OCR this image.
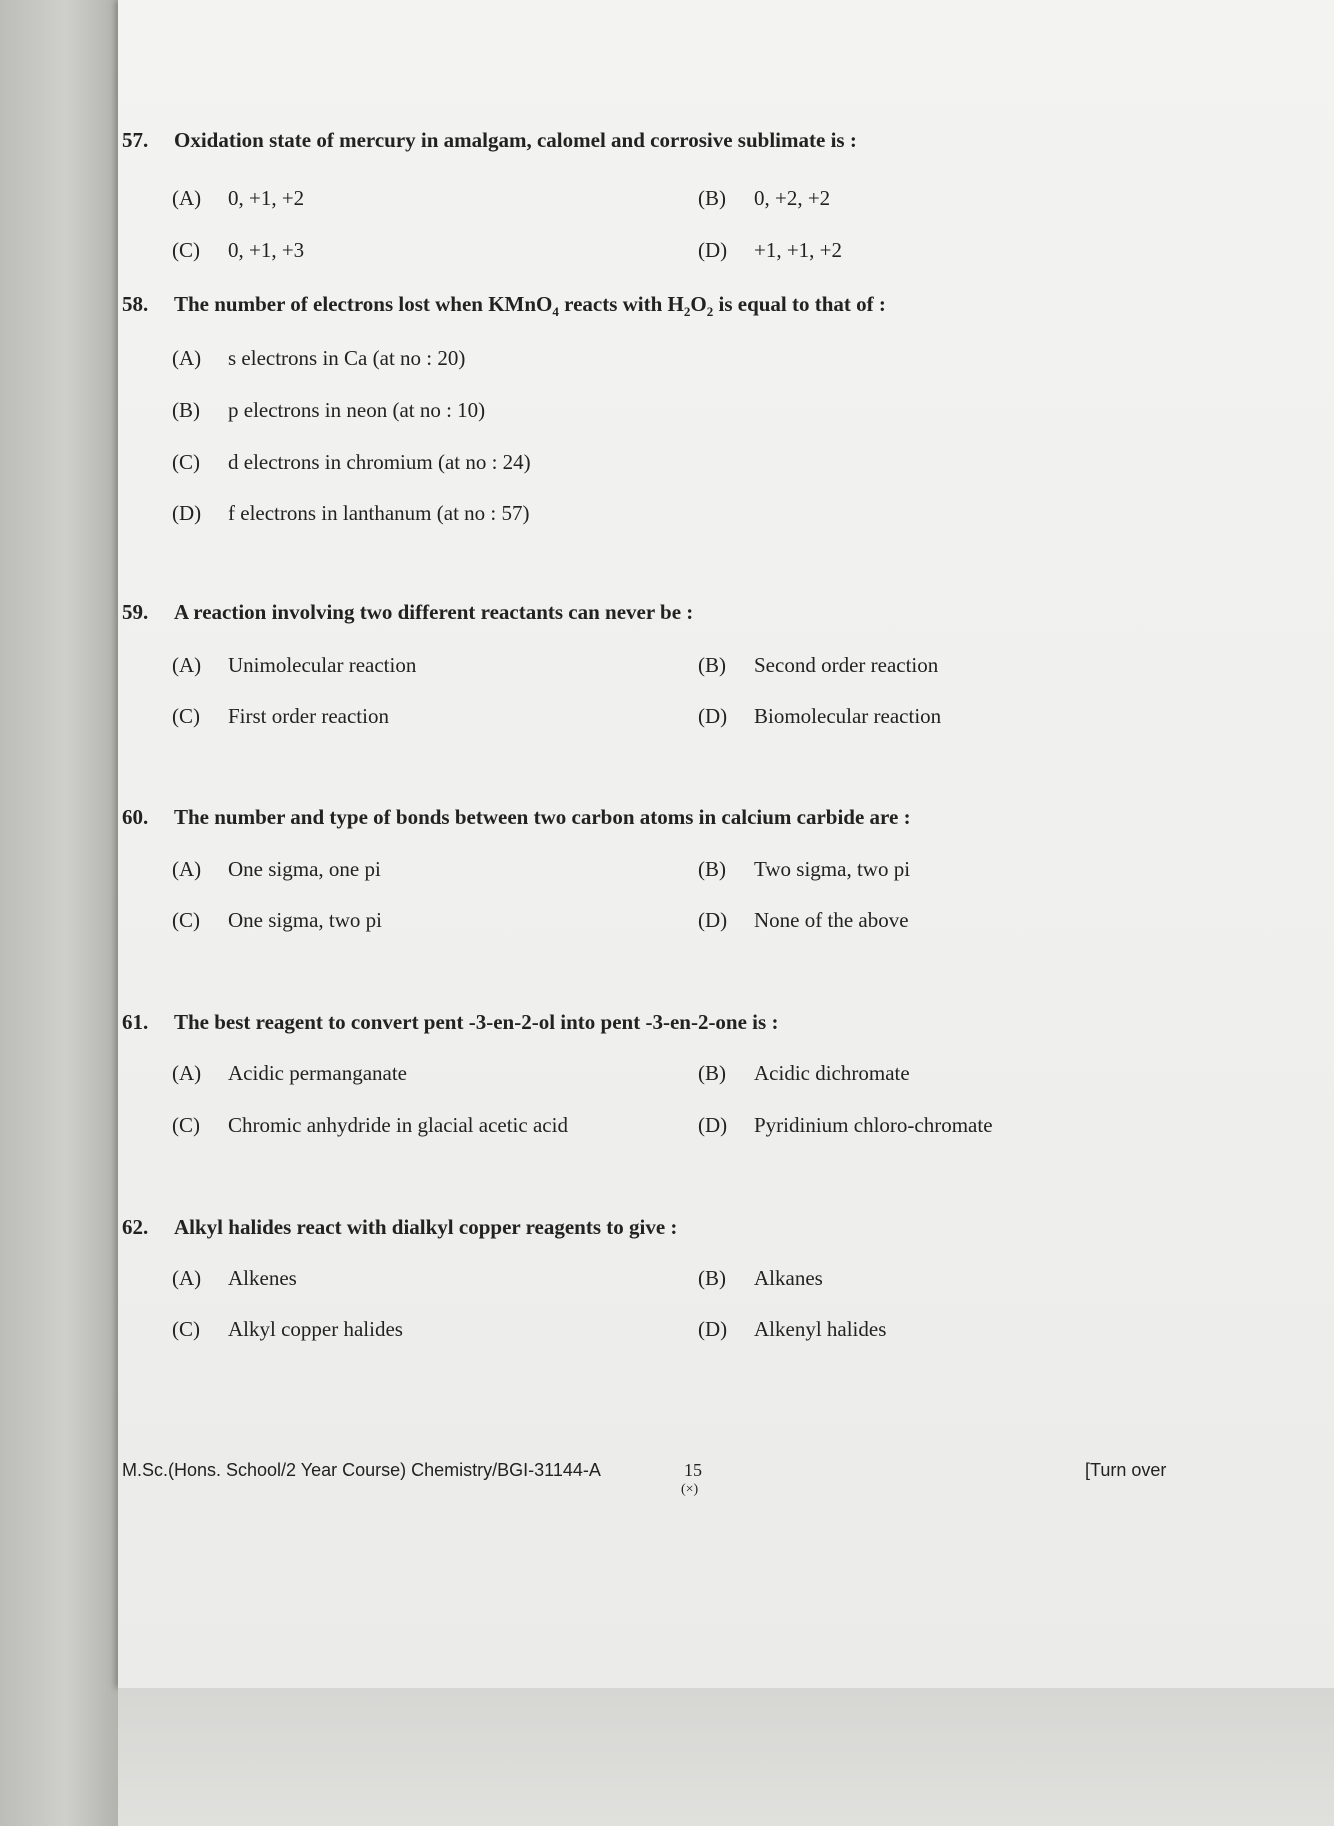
57. Oxidation state of mercury in amalgam, calomel and corrosive sublimate is :
(A) 0, +1, +2	(B) 0, +2, +2
(C) 0, +1, +3	(D) +1, +1, +2
58. The number of electrons lost when KMnO$_4$ reacts with $H_2O_2$ is equal to that of :
(A) s electrons in Ca (at no : 20)
(B) p electrons in neon (at no : 10)
(C) d electrons in chromium (at no : 24)
(D) f electrons in lanthanum (at no : 57)
59. A reaction involving two different reactants can never be :
(A) Unimolecular reaction	(B) Second order reaction
(C) First order reaction	(D) Biomolecular reaction
60. The number and type of bonds between two carbon atoms in calcium carbide are :
(A) One sigma, one pi	(B) Two sigma, two pi
(C) One sigma, two pi	(D) None of the above
61. The best reagent to convert pent -3-en-2-ol into pent -3-en-2-one is :
(A) Acidic permanganate	(B) Acidic dichromate
(C) Chromic anhydride in glacial acetic acid	(D) Pyridinium chloro-chromate
62. Alkyl halides react with dialkyl copper reagents to give :
(A) Alkenes	(B) Alkanes
(C) Alkyl copper halides	(D) Alkenyl halides
M.Sc.(Hons. School/2 Year Course) Chemistry/BGI-31144-A	15
(×)
[Turn over
